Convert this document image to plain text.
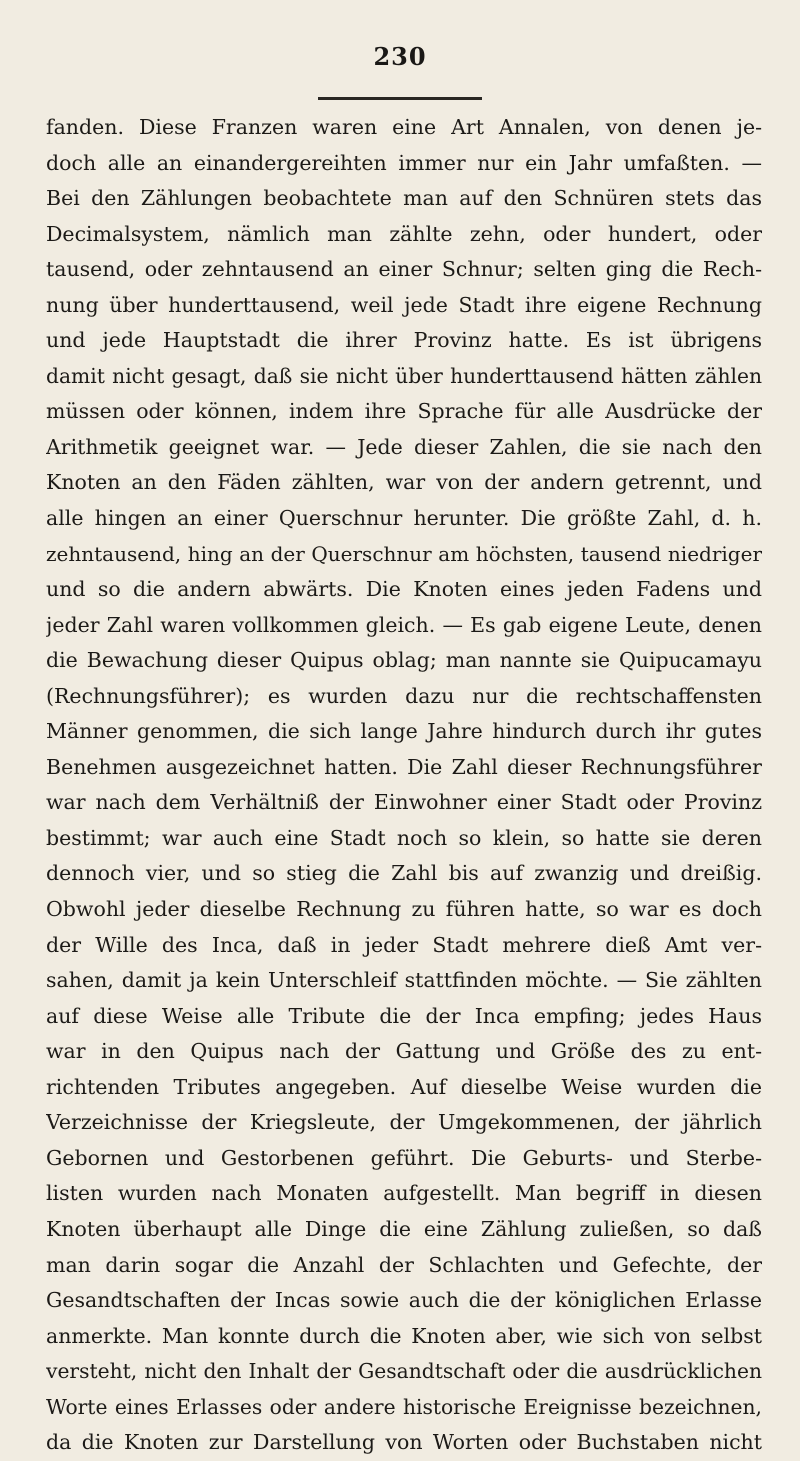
230
fanden. Diese Franzen waren eine Art Annalen, von denen je-
doch alle an einandergereihten immer nur ein Jahr umfaßten. —
Bei den Zählungen beobachtete man auf den Schnüren stets das
Decimalsystem, nämlich man zählte zehn, oder hundert, oder
tausend, oder zehntausend an einer Schnur; selten ging die Rech-
nung über hunderttausend, weil jede Stadt ihre eigene Rechnung
und jede Hauptstadt die ihrer Provinz hatte. Es ist übrigens
damit nicht gesagt, daß sie nicht über hunderttausend hätten zählen
müssen oder können, indem ihre Sprache für alle Ausdrücke der
Arithmetik geeignet war. — Jede dieser Zahlen, die sie nach den
Knoten an den Fäden zählten, war von der andern getrennt, und
alle hingen an einer Querschnur herunter. Die größte Zahl, d. h.
zehntausend, hing an der Querschnur am höchsten, tausend niedriger
und so die andern abwärts. Die Knoten eines jeden Fadens und
jeder Zahl waren vollkommen gleich. — Es gab eigene Leute, denen
die Bewachung dieser Quipus oblag; man nannte sie Quipucamayu
(Rechnungsführer); es wurden dazu nur die rechtschaffensten
Männer genommen, die sich lange Jahre hindurch durch ihr gutes
Benehmen ausgezeichnet hatten. Die Zahl dieser Rechnungsführer
war nach dem Verhältniß der Einwohner einer Stadt oder Provinz
bestimmt; war auch eine Stadt noch so klein, so hatte sie deren
dennoch vier, und so stieg die Zahl bis auf zwanzig und dreißig.
Obwohl jeder dieselbe Rechnung zu führen hatte, so war es doch
der Wille des Inca, daß in jeder Stadt mehrere dieß Amt ver-
sahen, damit ja kein Unterschleif stattfinden möchte. — Sie zählten
auf diese Weise alle Tribute die der Inca empfing; jedes Haus
war in den Quipus nach der Gattung und Größe des zu ent-
richtenden Tributes angegeben. Auf dieselbe Weise wurden die
Verzeichnisse der Kriegsleute, der Umgekommenen, der jährlich
Gebornen und Gestorbenen geführt. Die Geburts- und Sterbe-
listen wurden nach Monaten aufgestellt. Man begriff in diesen
Knoten überhaupt alle Dinge die eine Zählung zuließen, so daß
man darin sogar die Anzahl der Schlachten und Gefechte, der
Gesandtschaften der Incas sowie auch die der königlichen Erlasse
anmerkte. Man konnte durch die Knoten aber, wie sich von selbst
versteht, nicht den Inhalt der Gesandtschaft oder die ausdrücklichen
Worte eines Erlasses oder andere historische Ereignisse bezeichnen,
da die Knoten zur Darstellung von Worten oder Buchstaben nicht
